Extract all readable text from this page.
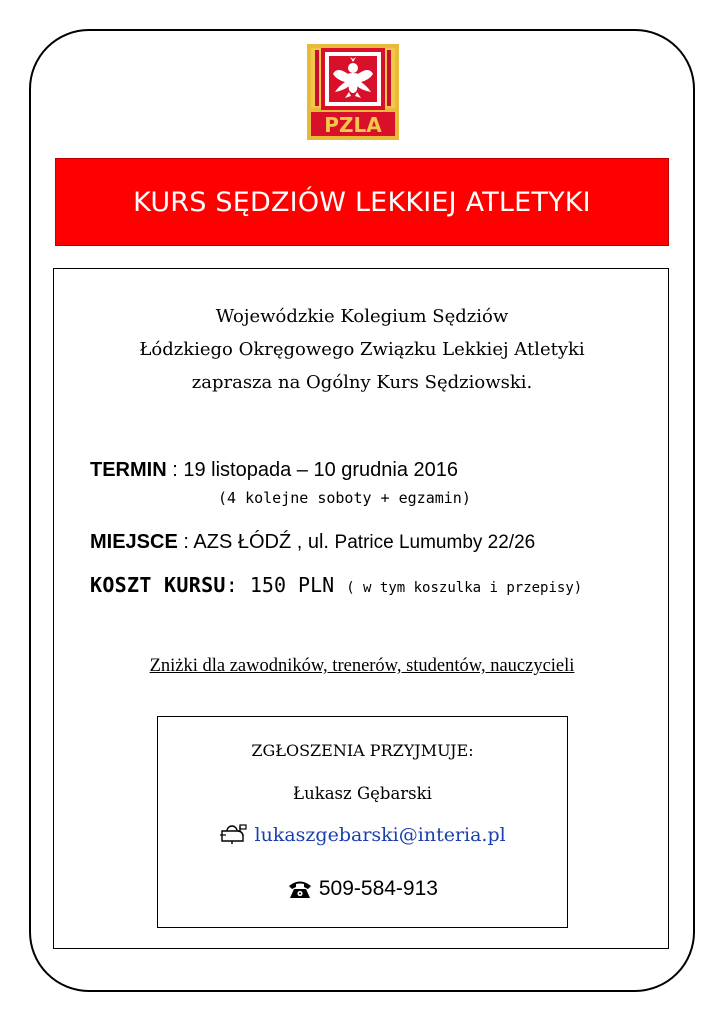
PZLA
KURS SĘDZIÓW LEKKIEJ ATLETYKI
Wojewódzkie Kolegium Sędziów
Łódzkiego Okręgowego Związku Lekkiej Atletyki
zaprasza na Ogólny Kurs Sędziowski.
TERMIN : 19 listopada – 10 grudnia 2016
(4 kolejne soboty + egzamin)
MIEJSCE : AZS ŁÓDŹ , ul. Patrice Lumumby 22/26
KOSZT KURSU: 150 PLN ( w tym koszulka i przepisy)
Zniżki dla zawodników, trenerów, studentów, nauczycieli
ZGŁOSZENIA PRZYJMUJE:
Łukasz Gębarski
lukaszgebarski@interia.pl
509-584-913
